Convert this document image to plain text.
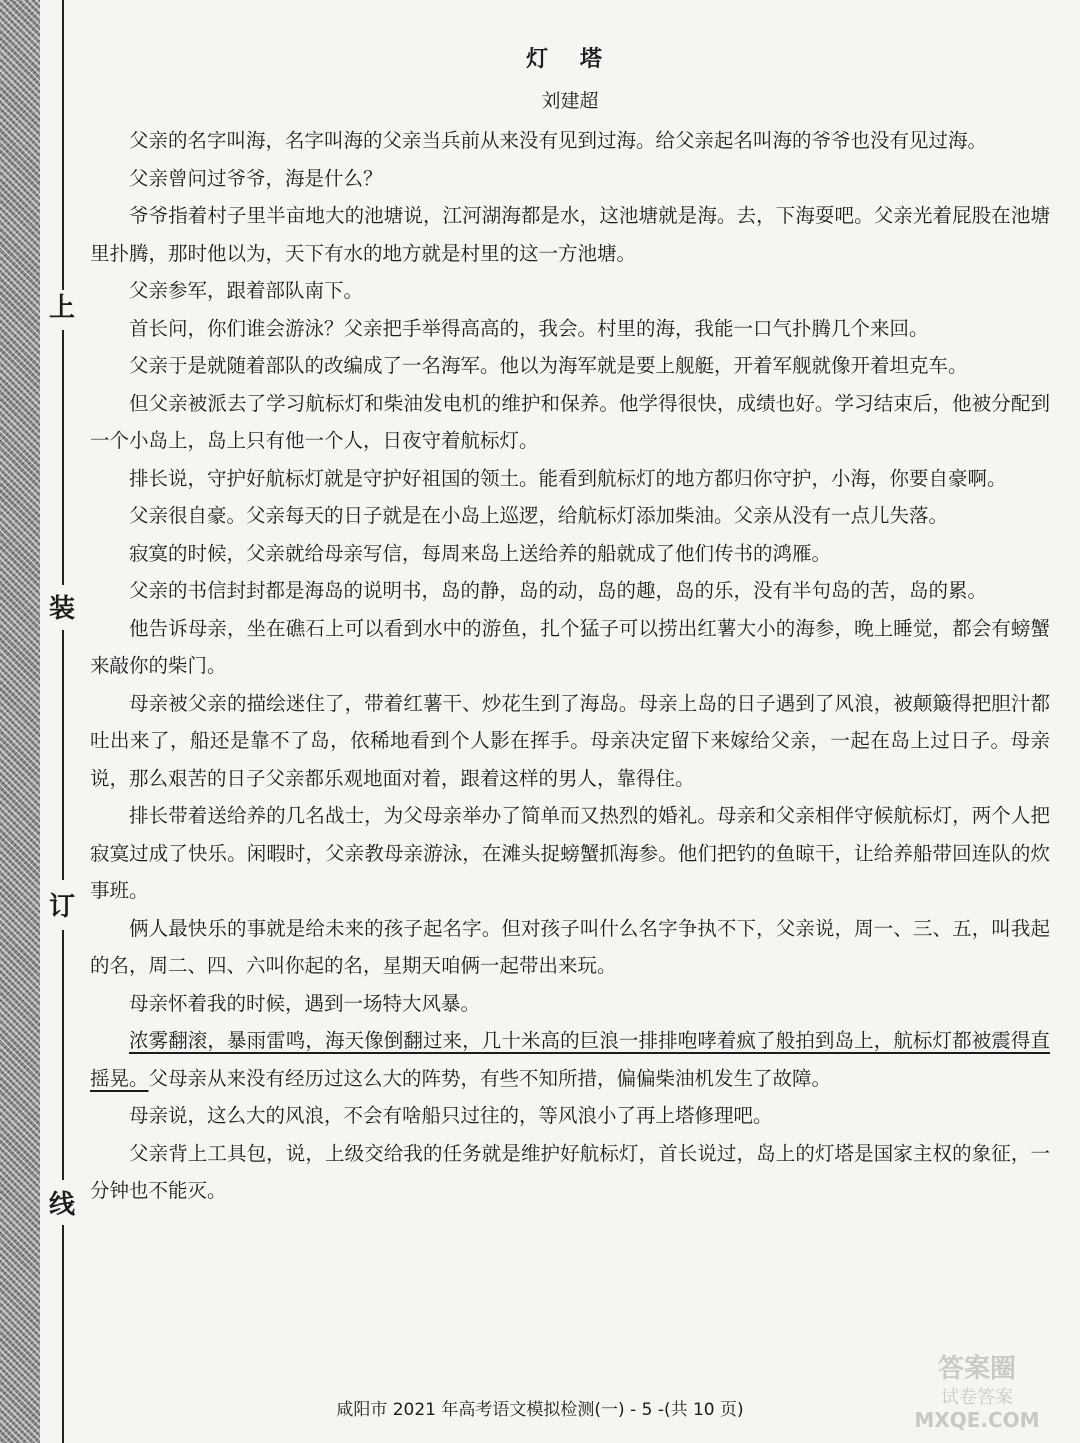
上
装
订
线
灯 塔

刘建超

父亲的名字叫海，名字叫海的父亲当兵前从来没有见到过海。给父亲起名叫海的爷爷也没有见过海。

父亲曾问过爷爷，海是什么？

爷爷指着村子里半亩地大的池塘说，江河湖海都是水，这池塘就是海。去，下海耍吧。父亲光着屁股在池塘里扑腾，那时他以为，天下有水的地方就是村里的这一方池塘。

父亲参军，跟着部队南下。

首长问，你们谁会游泳？父亲把手举得高高的，我会。村里的海，我能一口气扑腾几个来回。

父亲于是就随着部队的改编成了一名海军。他以为海军就是要上舰艇，开着军舰就像开着坦克车。

但父亲被派去了学习航标灯和柴油发电机的维护和保养。他学得很快，成绩也好。学习结束后，他被分配到一个小岛上，岛上只有他一个人，日夜守着航标灯。

排长说，守护好航标灯就是守护好祖国的领土。能看到航标灯的地方都归你守护，小海，你要自豪啊。

父亲很自豪。父亲每天的日子就是在小岛上巡逻，给航标灯添加柴油。父亲从没有一点儿失落。

寂寞的时候，父亲就给母亲写信，每周来岛上送给养的船就成了他们传书的鸿雁。

父亲的书信封封都是海岛的说明书，岛的静，岛的动，岛的趣，岛的乐，没有半句岛的苦，岛的累。

他告诉母亲，坐在礁石上可以看到水中的游鱼，扎个猛子可以捞出红薯大小的海参，晚上睡觉，都会有螃蟹来敲你的柴门。

母亲被父亲的描绘迷住了，带着红薯干、炒花生到了海岛。母亲上岛的日子遇到了风浪，被颠簸得把胆汁都吐出来了，船还是靠不了岛，依稀地看到个人影在挥手。母亲决定留下来嫁给父亲，一起在岛上过日子。母亲说，那么艰苦的日子父亲都乐观地面对着，跟着这样的男人，靠得住。

排长带着送给养的几名战士，为父母亲举办了简单而又热烈的婚礼。母亲和父亲相伴守候航标灯，两个人把寂寞过成了快乐。闲暇时，父亲教母亲游泳，在滩头捉螃蟹抓海参。他们把钓的鱼晾干，让给养船带回连队的炊事班。

俩人最快乐的事就是给未来的孩子起名字。但对孩子叫什么名字争执不下，父亲说，周一、三、五，叫我起的名，周二、四、六叫你起的名，星期天咱俩一起带出来玩。

母亲怀着我的时候，遇到一场特大风暴。

浓雾翻滚，暴雨雷鸣，海天像倒翻过来，几十米高的巨浪一排排咆哮着疯了般拍到岛上，航标灯都被震得直摇晃。父母亲从来没有经历过这么大的阵势，有些不知所措，偏偏柴油机发生了故障。

母亲说，这么大的风浪，不会有啥船只过往的，等风浪小了再上塔修理吧。

父亲背上工具包，说，上级交给我的任务就是维护好航标灯，首长说过，岛上的灯塔是国家主权的象征，一分钟也不能灭。

咸阳市 2021 年高考语文模拟检测(一) - 5 -(共 10 页)
答案圈
试卷答案
MXQE.COM
